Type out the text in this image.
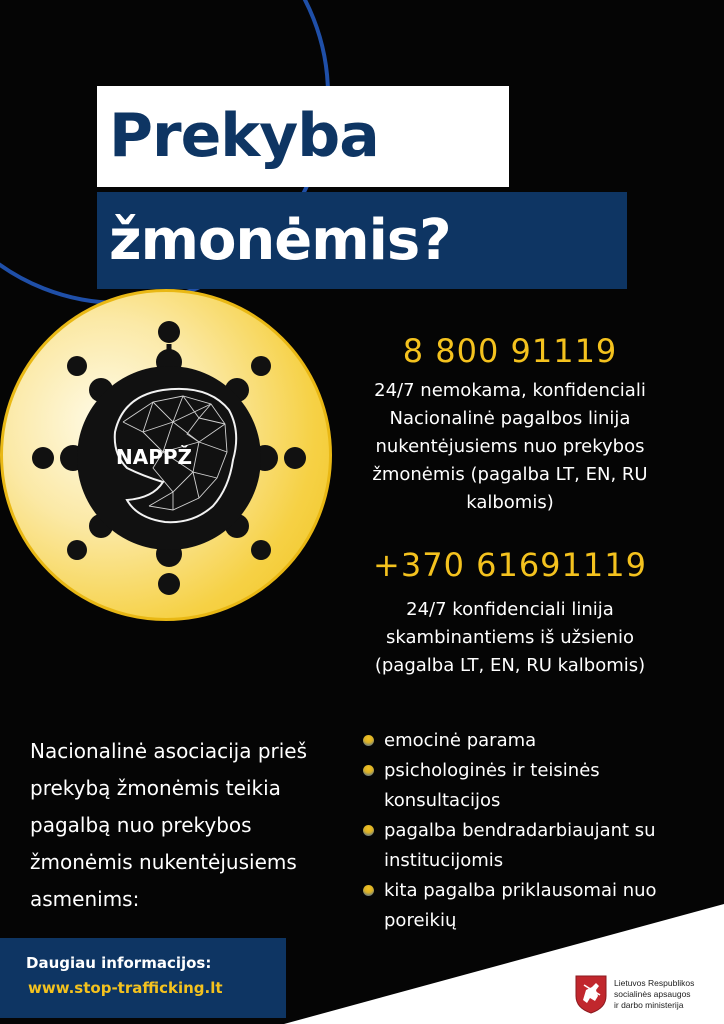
Prekyba
žmonėmis?
NAPPŽ
8 800 91119
24/7 nemokama, konfidenciali
Nacionalinė pagalbos linija
nukentėjusiems nuo prekybos
žmonėmis (pagalba LT, EN, RU
kalbomis)
+370 61691119
24/7 konfidenciali linija
skambinantiems iš užsienio
(pagalba LT, EN, RU kalbomis)
Nacionalinė asociacija prieš
prekybą žmonėmis teikia
pagalbą nuo prekybos
žmonėmis nukentėjusiems
asmenims:
emocinė parama
psichologinės ir teisinės
konsultacijos
pagalba bendradarbiaujant su
institucijomis
kita pagalba priklausomai nuo
poreikių
Daugiau informacijos:
www.stop-trafficking.lt	Lietuvos Respublikos
socialinės apsaugos
ir darbo ministerija
